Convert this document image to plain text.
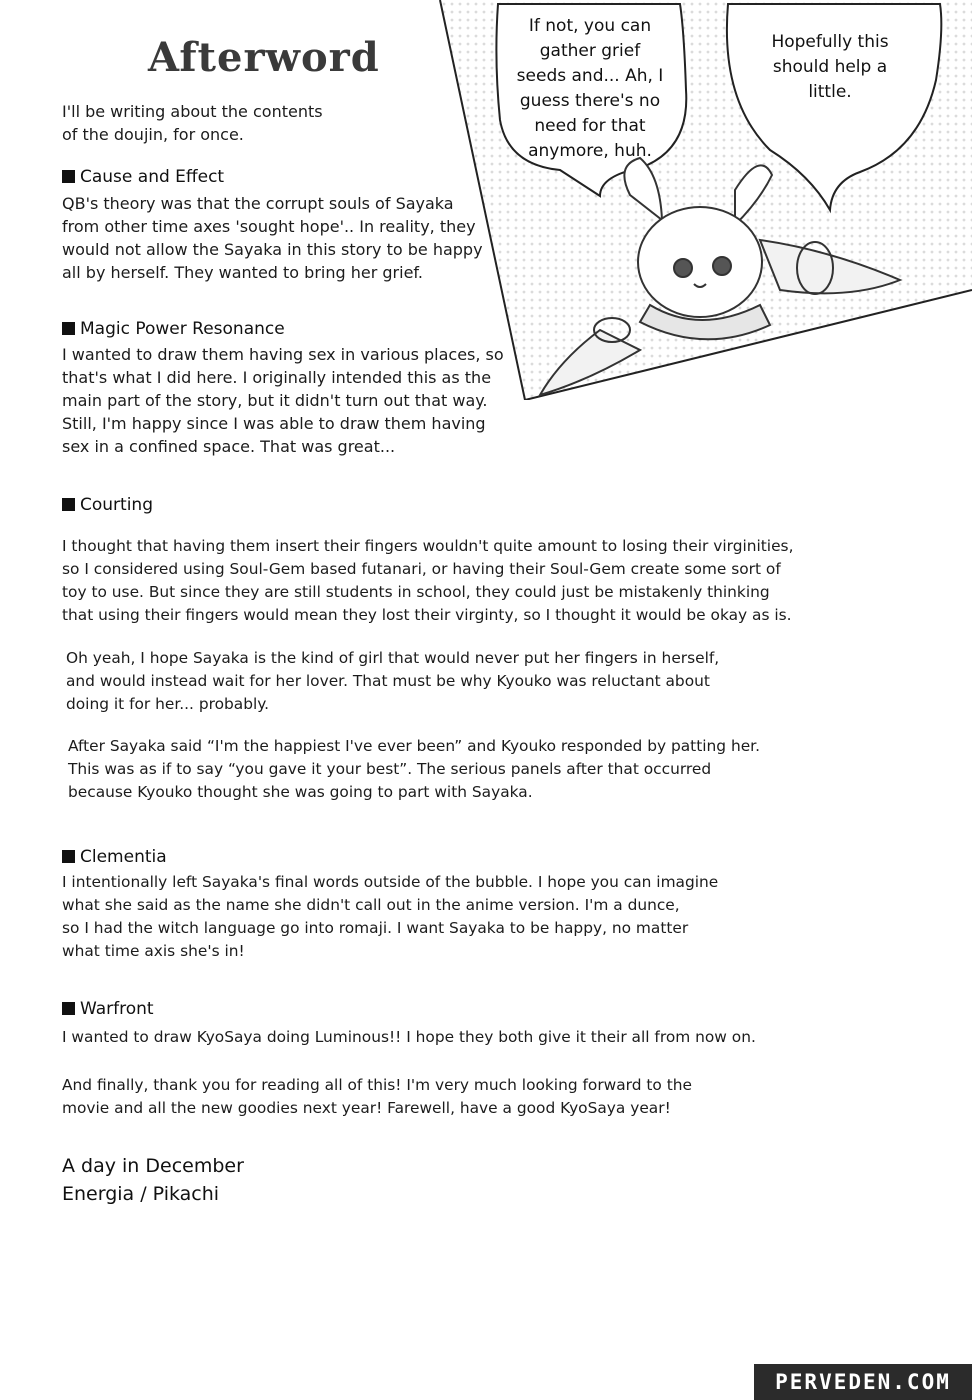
Afterword

I'll be writing about the contents
of the doujin, for once.

Cause and Effect

QB's theory was that the corrupt souls of Sayaka
from other time axes 'sought hope'.. In reality, they
would not allow the Sayaka in this story to be happy
all by herself. They wanted to bring her grief.

Magic Power Resonance

I wanted to draw them having sex in various places, so
that's what I did here. I originally intended this as the
main part of the story, but it didn't turn out that way.
Still, I'm happy since I was able to draw them having
sex in a confined space. That was great...

Courting

I thought that having them insert their fingers wouldn't quite amount to losing their virginities,
so I considered using Soul-Gem based futanari, or having their Soul-Gem create some sort of
toy to use. But since they are still students in school, they could just be mistakenly thinking
that using their fingers would mean they lost their virginty, so I thought it would be okay as is.

Oh yeah, I hope Sayaka is the kind of girl that would never put her fingers in herself,
and would instead wait for her lover. That must be why Kyouko was reluctant about
doing it for her... probably.

After Sayaka said “I'm the happiest I've ever been” and Kyouko responded by patting her.
This was as if to say “you gave it your best”. The serious panels after that occurred
because Kyouko thought she was going to part with Sayaka.

Clementia

I intentionally left Sayaka's final words outside of the bubble. I hope you can imagine
what she said as the name she didn't call out in the anime version. I'm a dunce,
so I had the witch language go into romaji. I want Sayaka to be happy, no matter
what time axis she's in!

Warfront

I wanted to draw KyoSaya doing Luminous!! I hope they both give it their all from now on.

And finally, thank you for reading all of this! I'm very much looking forward to the
movie and all the new goodies next year! Farewell, have a good KyoSaya year!

A day in December
Energia / Pikachi
If not, you can
gather grief
seeds and... Ah, I
guess there's no
need for that
anymore, huh.
Hopefully this
should help a
little.
PERVEDEN.COM
